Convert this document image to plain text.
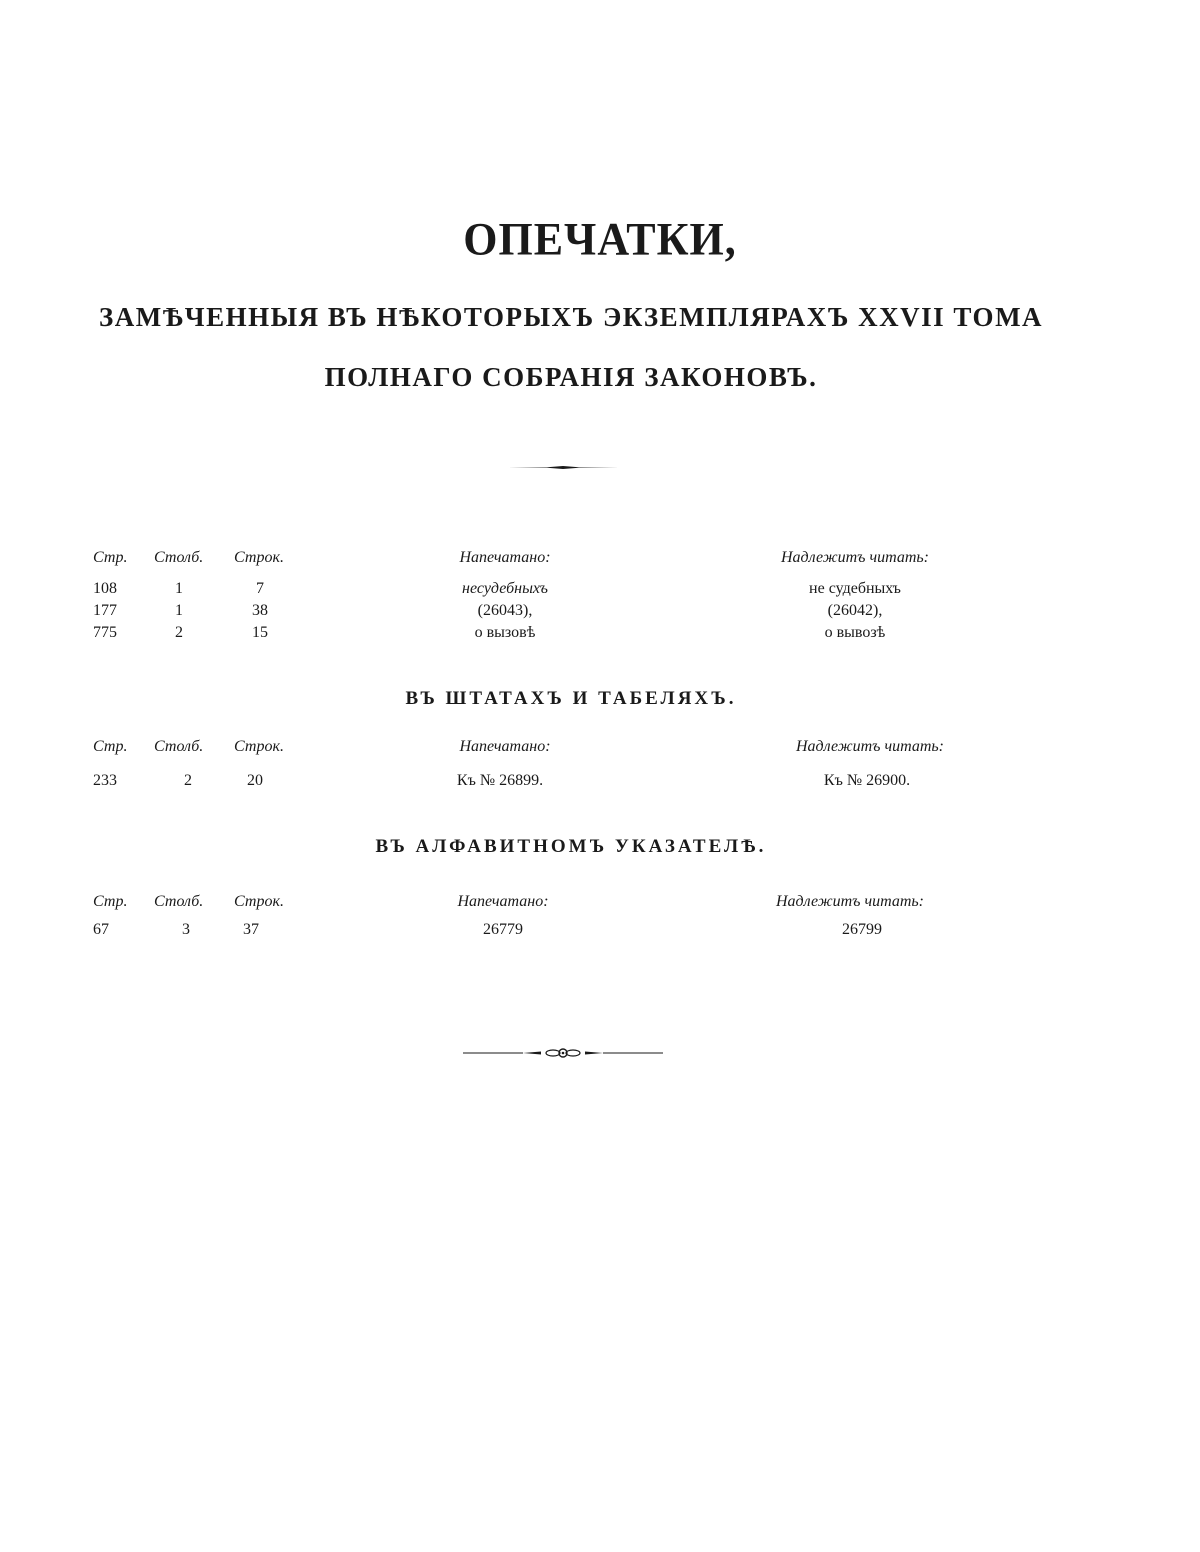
ОПЕЧАТКИ,
ЗАМѢЧЕННЫЯ ВЪ НѢКОТОРЫХЪ ЭКЗЕМПЛЯРАХЪ XXVII ТОМА
ПОЛНАГО СОБРАНІЯ ЗАКОНОВЪ.
Стр. Столб. Строк.	Напечатано:	Надлежитъ читать:
108	1	7	несудебныхъ	не судебныхъ
177	1	38	(26043),	(26042),
775	2	15	о вызовѣ	о вывозѣ
ВЪ ШТАТАХЪ И ТАБЕЛЯХЪ.
Стр. Столб. Строк.	Напечатано:	Надлежитъ читать:
233	2	20	Къ № 26899.	Къ № 26900.
ВЪ АЛФАВИТНОМЪ УКАЗАТЕЛѢ.
Стр. Столб. Строк.	Напечатано:	Надлежитъ читать:
67	3	37	26779	26799
